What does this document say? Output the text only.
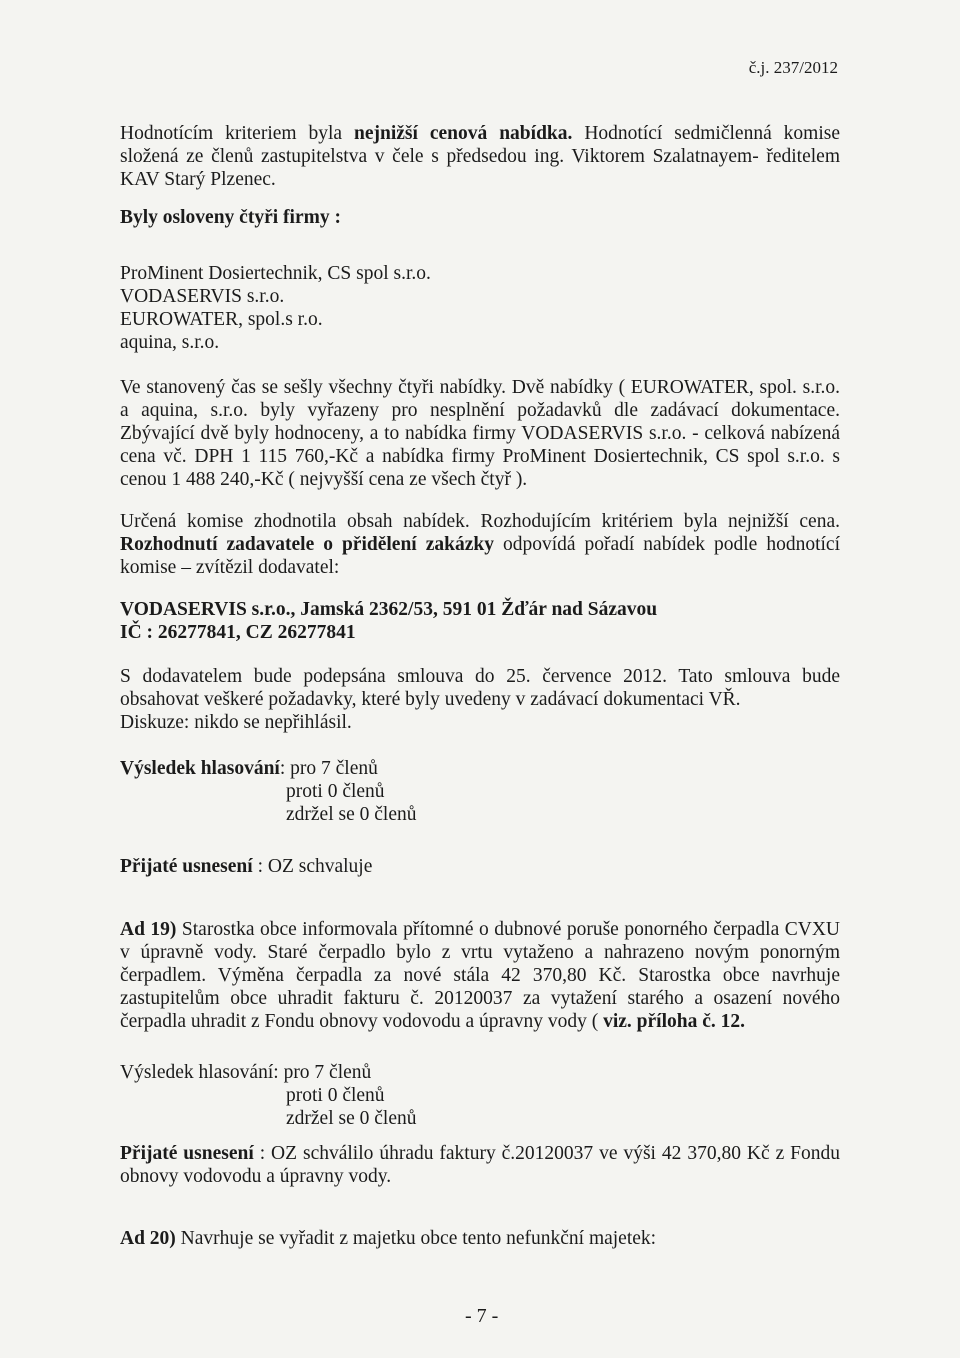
č.j. 237/2012
Hodnotícím kriteriem byla nejnižší cenová nabídka. Hodnotící sedmičlenná komise složená ze členů zastupitelstva v čele s předsedou ing. Viktorem Szalatnayem- ředitelem KAV Starý Plzenec.
Byly osloveny čtyři firmy :
ProMinent Dosiertechnik, CS spol s.r.o.
VODASERVIS s.r.o.
EUROWATER, spol.s r.o.
aquina, s.r.o.
Ve stanovený čas se sešly všechny čtyři nabídky. Dvě nabídky ( EUROWATER, spol. s.r.o. a aquina, s.r.o. byly vyřazeny pro nesplnění požadavků dle zadávací dokumentace. Zbývající dvě byly hodnoceny, a to nabídka firmy VODASERVIS s.r.o. - celková nabízená cena vč. DPH 1 115 760,-Kč a nabídka firmy ProMinent Dosiertechnik, CS spol s.r.o. s cenou 1 488 240,-Kč ( nejvyšší cena ze všech čtyř ).
Určená komise zhodnotila obsah nabídek. Rozhodujícím kritériem byla nejnižší cena. Rozhodnutí zadavatele o přidělení zakázky odpovídá pořadí nabídek podle hodnotící komise – zvítězil dodavatel:
VODASERVIS s.r.o., Jamská 2362/53, 591 01 Žďár nad Sázavou
IČ : 26277841, CZ 26277841
S dodavatelem bude podepsána smlouva do 25. července 2012. Tato smlouva bude obsahovat veškeré požadavky, které byly uvedeny v zadávací dokumentaci VŘ.
Diskuze: nikdo se nepřihlásil.
Výsledek hlasování: pro 7 členů
proti 0 členů
zdržel se 0 členů
Přijaté usnesení : OZ schvaluje
Ad 19) Starostka obce informovala přítomné o dubnové poruše ponorného čerpadla CVXU v úpravně vody. Staré čerpadlo bylo z vrtu vytaženo a nahrazeno novým ponorným čerpadlem. Výměna čerpadla za nové stála 42 370,80 Kč. Starostka obce navrhuje zastupitelům obce uhradit fakturu č. 20120037 za vytažení starého a osazení nového čerpadla uhradit z Fondu obnovy vodovodu a úpravny vody ( viz. příloha č. 12.
Výsledek hlasování: pro 7 členů
proti 0 členů
zdržel se 0 členů
Přijaté usnesení : OZ schválilo úhradu faktury č.20120037 ve výši 42 370,80 Kč z Fondu obnovy vodovodu a úpravny vody.
Ad 20) Navrhuje se vyřadit z majetku obce tento nefunkční majetek:
- 7 -
